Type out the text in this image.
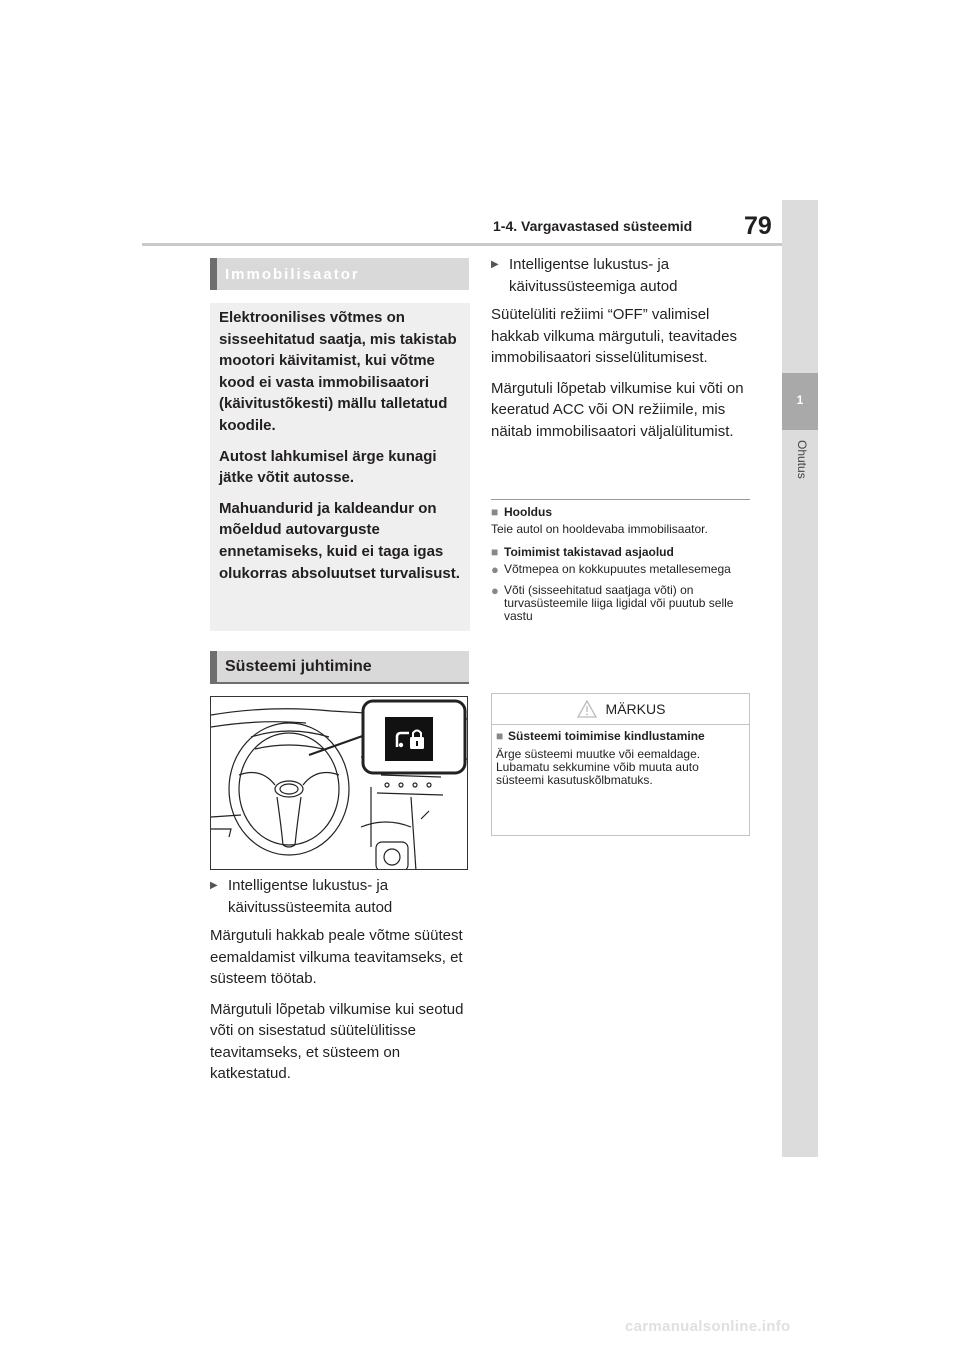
1-4. Vargavastased süsteemid 79
1
Ohutus
Immobilisaator

Elektroonilises võtmes on sisseehitatud saatja, mis takistab mootori käivitamist, kui võtme kood ei vasta immobilisaatori (käivitustõkesti) mällu talletatud koodile.

Autost lahkumisel ärge kunagi jätke võtit autosse.

Mahuandurid ja kaldeandur on mõeldud autovarguste ennetamiseks, kuid ei taga igas olukorras absoluutset turvalisust.

Süsteemi juhtimine
▶ Intelligentse lukustus- ja käivitussüsteemita autod

Märgutuli hakkab peale võtme süütest eemaldamist vilkuma teavitamseks, et süsteem töötab.

Märgutuli lõpetab vilkumise kui seotud võti on sisestatud süütelülitisse teavitamseks, et süsteem on katkestatud.

▶ Intelligentse lukustus- ja käivitussüsteemiga autod

Süütelüliti režiimi “OFF” valimisel hakkab vilkuma märgutuli, teavitades immobilisaatori sisselülitumisest.

Märgutuli lõpetab vilkumise kui võti on keeratud ACC või ON režiimile, mis näitab immobilisaatori väljalülitumist.

■ Hooldus
Teie autol on hooldevaba immobilisaator.
■ Toimimist takistavad asjaolud
● Võtmepea on kokkupuutes metallesemega
● Võti (sisseehitatud saatjaga võti) on turvasüsteemile liiga ligidal või puutub selle vastu
MÄRKUS
■ Süsteemi toimimise kindlustamine
Ärge süsteemi muutke või eemaldage. Lubamatu sekkumine võib muuta auto süsteemi kasutuskõlbmatuks.
carmanualsonline.info
